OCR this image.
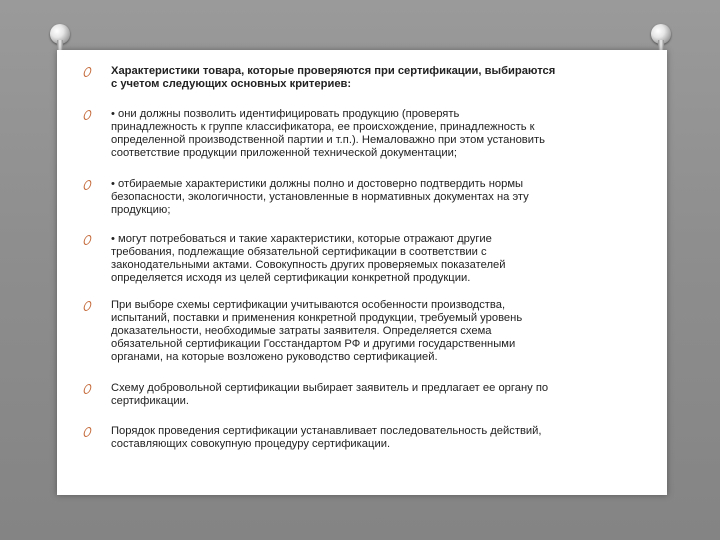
Характеристики товара, которые проверяются при сертификации, выбираются
с учетом следующих основных критериев:
• они должны позволить идентифицировать продукцию (проверять
принадлежность к группе классификатора, ее происхождение, принадлежность к
определенной производственной партии и т.п.). Немаловажно при этом установить
соответствие продукции приложенной технической документации;
• отбираемые характеристики должны полно и достоверно подтвердить нормы
безопасности, экологичности, установленные в нормативных документах на эту
продукцию;
• могут потребоваться и такие характеристики, которые отражают другие
требования, подлежащие обязательной сертификации в соответствии с
законодательными актами. Совокупность других проверяемых показателей
определяется исходя из целей сертификации конкретной продукции.
При выборе схемы сертификации учитываются особенности производства,
испытаний, поставки и применения конкретной продукции, требуемый уровень
доказательности, необходимые затраты заявителя. Определяется схема
обязательной сертификации Госстандартом РФ и другими государственными
органами, на которые возложено руководство сертификацией.
Схему добровольной сертификации выбирает заявитель и предлагает ее органу по
сертификации.
Порядок проведения сертификации устанавливает последовательность действий,
составляющих совокупную процедуру сертификации.
